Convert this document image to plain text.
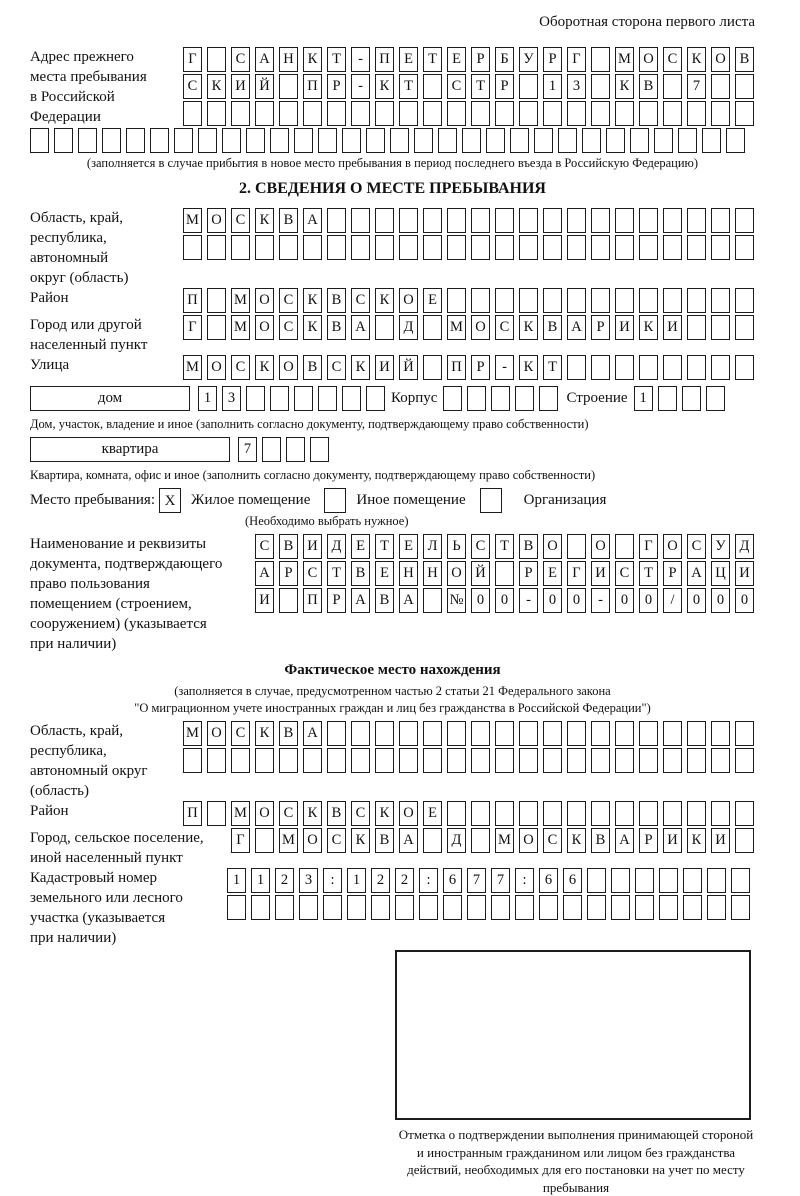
Оборотная сторона первого листа
Адрес прежнего
места пребывания
в Российской
Федерации
Г	С А Н К	Т	-	П Е	Т	Е	Р	Б	У	Р	Г	М О С К О В
С К И Й	П	Р	-	К	Т	С	Т	Р	1	3	К В	7
(заполняется в случае прибытия в новое место пребывания в период последнего въезда в Российскую Федерацию)
2. СВЕДЕНИЯ О МЕСТЕ ПРЕБЫВАНИЯ
Область, край,
республика,
автономный
округ (область)
М О С К В А
Район	П	М О С К В С К О Е
Город или другой
населенный пункт
Г	М О С К В А	Д	М О С К В А	Р	И К И
Улица	М О С К О В С К И Й	П	Р	-	К	Т
дом	1	3	Корпус	Строение 1
Дом, участок, владение и иное (заполнить согласно документу, подтверждающему право собственности)
квартира	7
Квартира, комната, офис и иное (заполнить согласно документу, подтверждающему право собственности)
Место пребывания: X	Жилое помещение	Иное помещение	Организация
(Необходимо выбрать нужное)
Наименование и реквизиты
документа, подтверждающего
право пользования
помещением (строением,
сооружением) (указывается
при наличии)
С В И Д	Е	Т	Е	Л	Ь	С	Т	В О	О	Г	О С У Д
А	Р	С	Т	В	Е Н Н О Й	Р	Е	Г	И С	Т	Р	А Ц И
И	П	Р	А В А № 0	0	-	0	0	-	0	0	/	0	0	0
Фактическое место нахождения
(заполняется в случае, предусмотренном частью 2 статьи 21 Федерального закона
"О миграционном учете иностранных граждан и лиц без гражданства в Российской Федерации")
Область, край,
республика,
автономный округ
(область)
М О С К В А
Район	П	М О С К В С К О Е
Город, сельское поселение,
иной населенный пункт
Г	М О С К В А	Д	М О С К В А	Р	И К И
Кадастровый номер
земельного или лесного
участка (указывается
при наличии)
1	1	2	3	:	1	2	2	:	6	7	7	:	6	6
Отметка о подтверждении выполнения принимающей стороной и иностранным гражданином или лицом без гражданства действий, необходимых для его постановки на учет по месту пребывания
